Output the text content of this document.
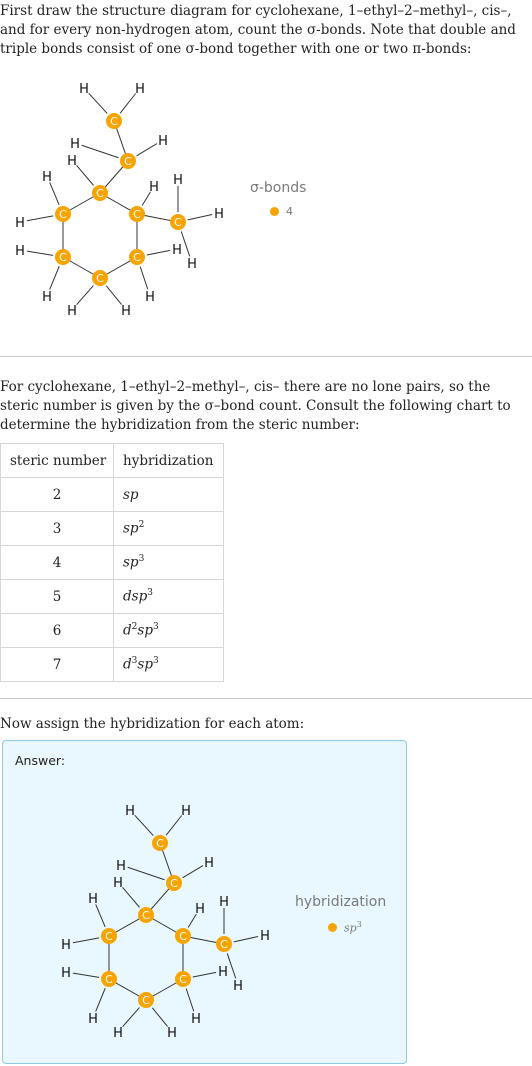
First draw the structure diagram for cyclohexane, 1–ethyl–2–methyl–, cis–, and for every non-hydrogen atom, count the σ-bonds. Note that double and triple bonds consist of one σ-bond together with one or two π-bonds:
H
H
H
H
H	H
H
H
H
H
H	H
H	H
H
H
H
C
C
C
C
C
C
C
C
C
σ-bonds
4
For cyclohexane, 1–ethyl–2–methyl–, cis– there are no lone pairs, so the steric number is given by the σ–bond count. Consult the following chart to determine the hybridization from the steric number:
steric number	hybridization
2	sp
3	$sp^2$
4	$sp^3$
5	dsp$^3$
6	$d^2sp^3$
7	$d^3sp^3$
Now assign the hybridization for each atom:
Answer:
H
H
H
H
H	H
H
H
H
H
H	H
H	H
H
H
H
C
C
C
C
C
C
C
C
C
hybridization
$sp^3$
